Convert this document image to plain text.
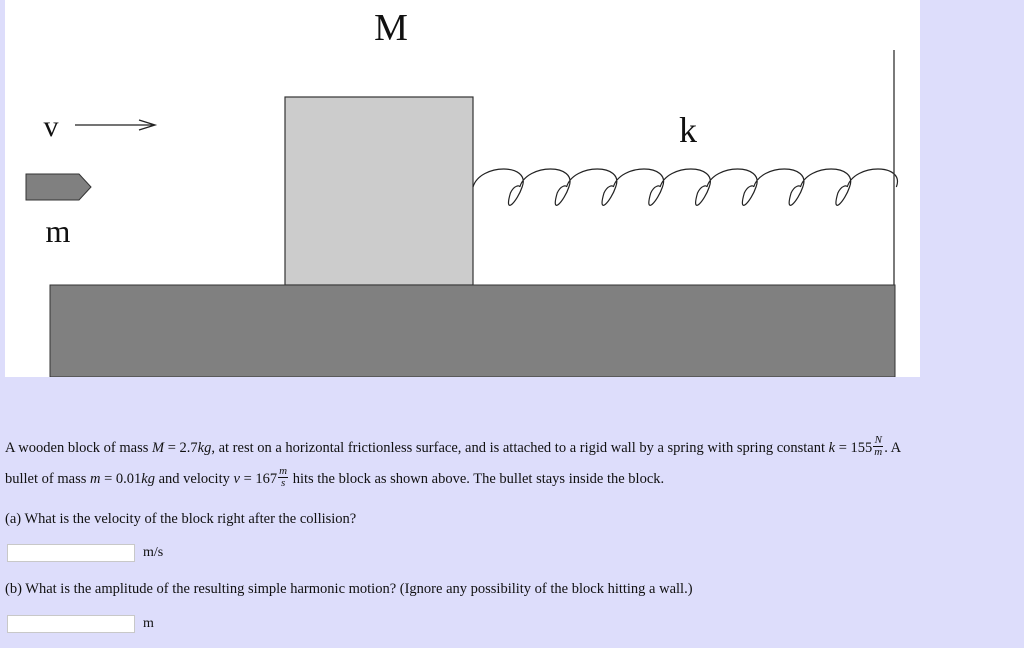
M
v
m
k
A wooden block of mass M = 2.7kg, at rest on a horizontal frictionless surface, and is attached to a rigid wall by a spring with spring constant $k = 155 \frac{N}{m}$ . A
bullet of mass m = 0.01kg and velocity $v = 167 \frac{m}{s}$ hits the block as shown above. The bullet stays inside the block.
(a) What is the velocity of the block right after the collision?
m/s
(b) What is the amplitude of the resulting simple harmonic motion? (Ignore any possibility of the block hitting a wall.)
m
